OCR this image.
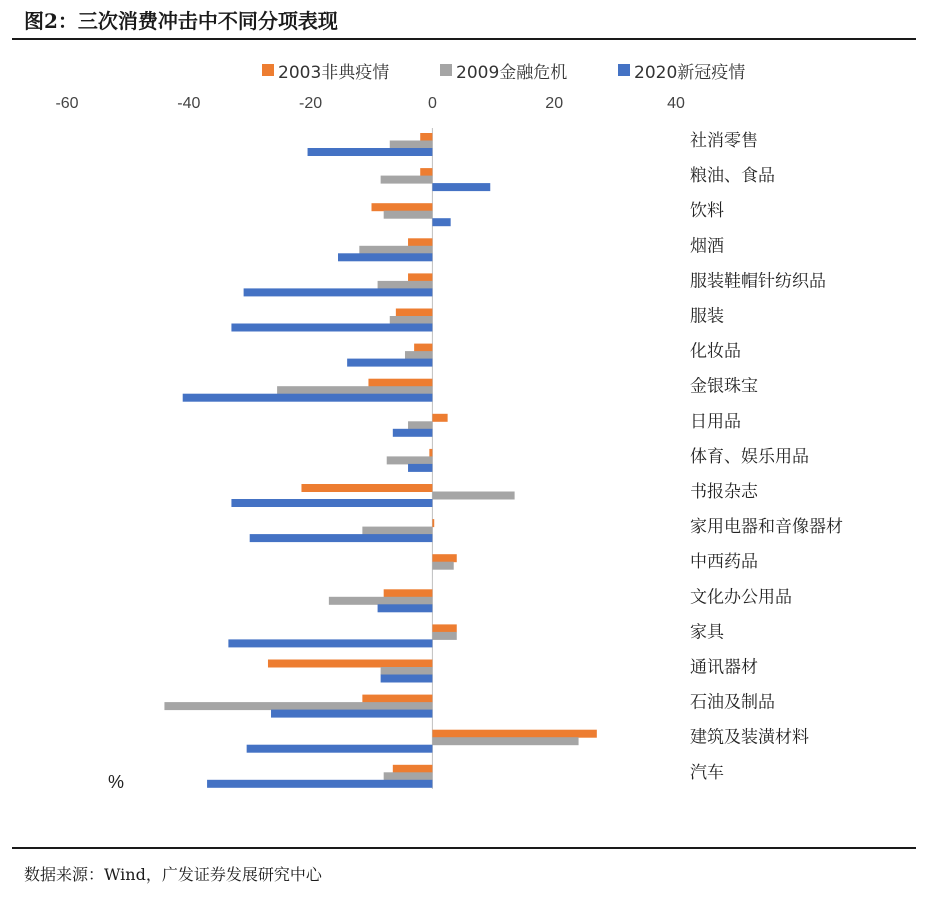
图2：三次消费冲击中不同分项表现
2003非典疫情	2009金融危机	2020新冠疫情
-60	-40	-20	0	20	40
社消零售
粮油、食品
饮料
烟酒
服装鞋帽针纺织品
服装
化妆品
金银珠宝
日用品
体育、娱乐用品
书报杂志
家用电器和音像器材
中西药品
文化办公用品
家具
通讯器材
石油及制品
建筑及装潢材料
汽车
%
数据来源：Wind，广发证券发展研究中心
